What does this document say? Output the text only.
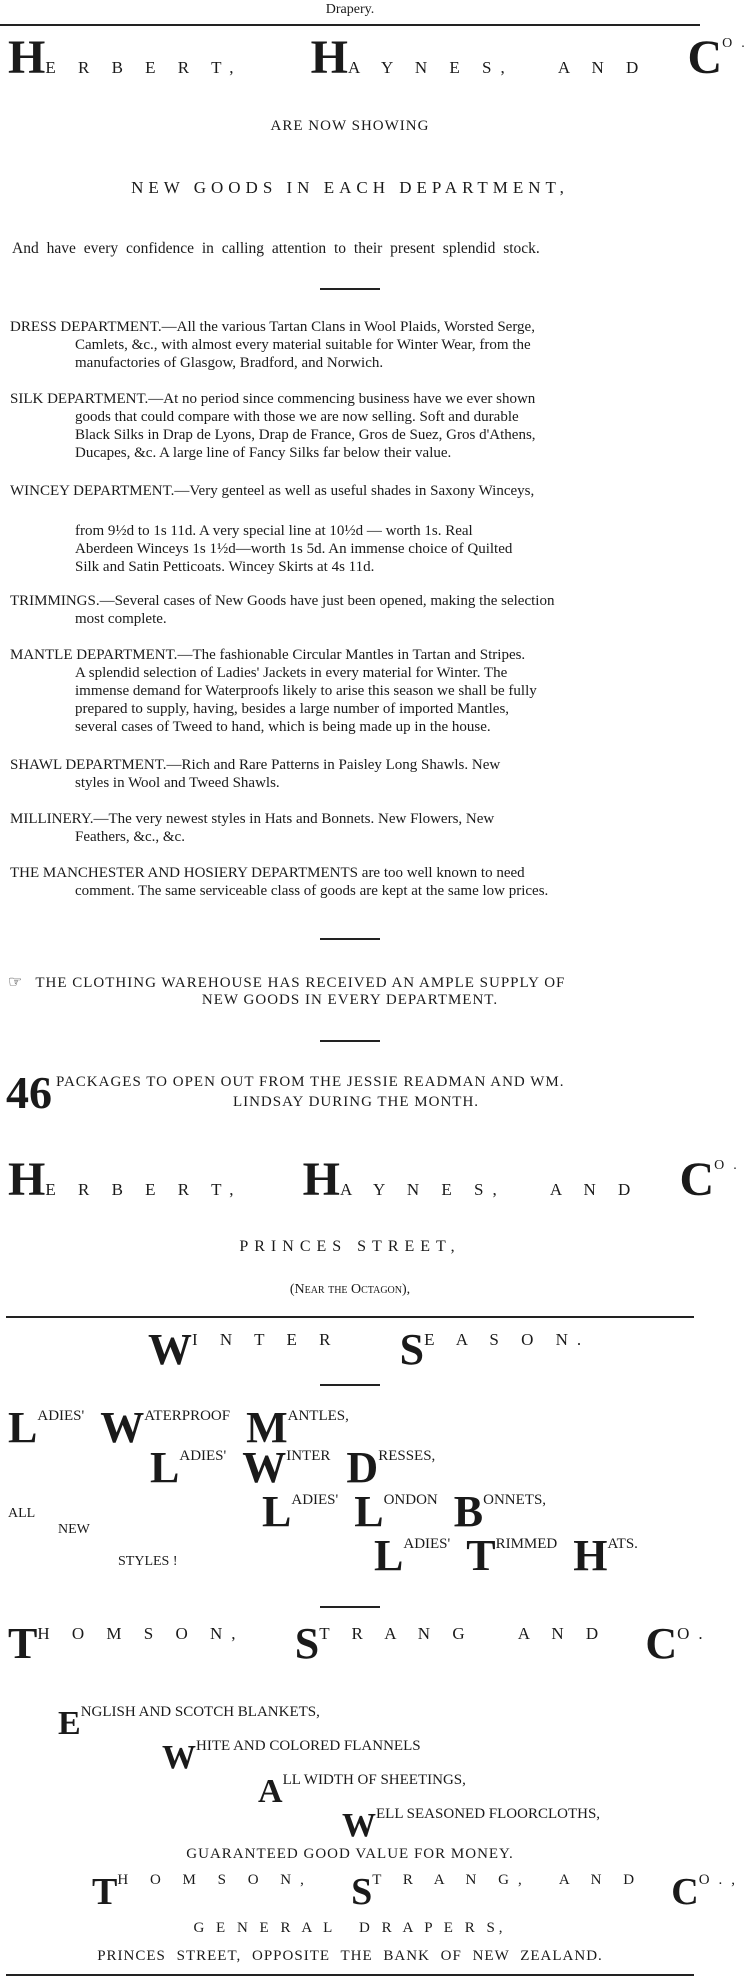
Drapery.
HE R B E R T, HA Y N E S,	A N D CO.
ARE NOW SHOWING
NEW GOODS IN EACH DEPARTMENT,
And have every confidence in calling attention to their present splendid stock.
DRESS DEPARTMENT.—All the various Tartan Clans in Wool Plaids, Worsted Serge,
Camlets, &c., with almost every material suitable for Winter Wear, from the
manufactories of Glasgow, Bradford, and Norwich.
SILK DEPARTMENT.—At no period since commencing business have we ever shown
goods that could compare with those we are now selling. Soft and durable
Black Silks in Drap de Lyons, Drap de France, Gros de Suez, Gros d'Athens,
Ducapes, &c. A large line of Fancy Silks far below their value.
WINCEY DEPARTMENT.—Very genteel as well as useful shades in Saxony Winceys,
from 9½d to 1s 11d. A very special line at 10½d — worth 1s. Real
Aberdeen Winceys 1s 1½d—worth 1s 5d. An immense choice of Quilted
Silk and Satin Petticoats. Wincey Skirts at 4s 11d.
TRIMMINGS.—Several cases of New Goods have just been opened, making the selection
most complete.
MANTLE DEPARTMENT.—The fashionable Circular Mantles in Tartan and Stripes.
A splendid selection of Ladies' Jackets in every material for Winter. The
immense demand for Waterproofs likely to arise this season we shall be fully
prepared to supply, having, besides a large number of imported Mantles,
several cases of Tweed to hand, which is being made up in the house.
SHAWL DEPARTMENT.—Rich and Rare Patterns in Paisley Long Shawls. New
styles in Wool and Tweed Shawls.
MILLINERY.—The very newest styles in Hats and Bonnets. New Flowers, New
Feathers, &c., &c.
THE MANCHESTER AND HOSIERY DEPARTMENTS are too well known to need
comment. The same serviceable class of goods are kept at the same low prices.
☞ THE CLOTHING WAREHOUSE HAS RECEIVED AN AMPLE SUPPLY OF
NEW GOODS IN EVERY DEPARTMENT.
46 PACKAGES TO OPEN OUT FROM THE JESSIE READMAN AND WM.
LINDSAY DURING THE MONTH.
HE R B E R T, HA Y N E S,	A N D CO.
PRINCES STREET,
(Near the Octagon),
WI N T E R SE A S O N.
LADIES' WATERPROOF MANTLES,
LADIES' WINTER DRESSES,
ALL
NEW
STYLES !
LADIES' LONDON BONNETS,
LADIES' TRIMMED HATS.
TH O M S O N, ST R A N G	A N D CO.
ENGLISH AND SCOTCH BLANKETS,
WHITE AND COLORED FLANNELS
ALL WIDTH OF SHEETINGS,
WELL SEASONED FLOORCLOTHS,
GUARANTEED GOOD VALUE FOR MONEY.
TH O M S O N, ST R A N G, A N D CO.,
G E N E R A L   D R A P E R S,
PRINCES STREET, OPPOSITE THE BANK OF NEW ZEALAND.
